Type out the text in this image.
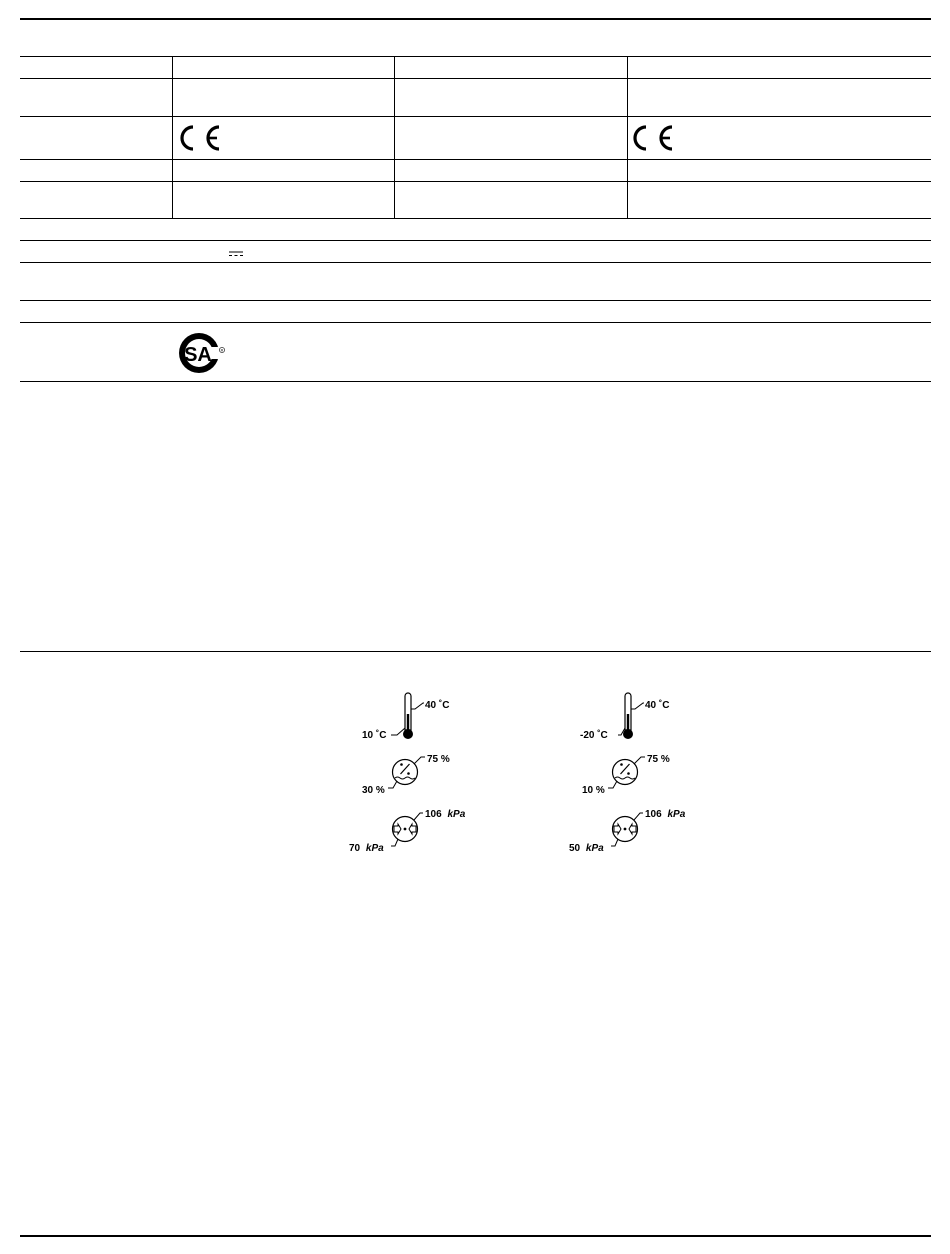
SA R
40 ˚C
10 ˚C
75 %
30 %
106 kPa
70 kPa
40 ˚C
-20 ˚C
75 %
10 %
106 kPa
50 kPa
